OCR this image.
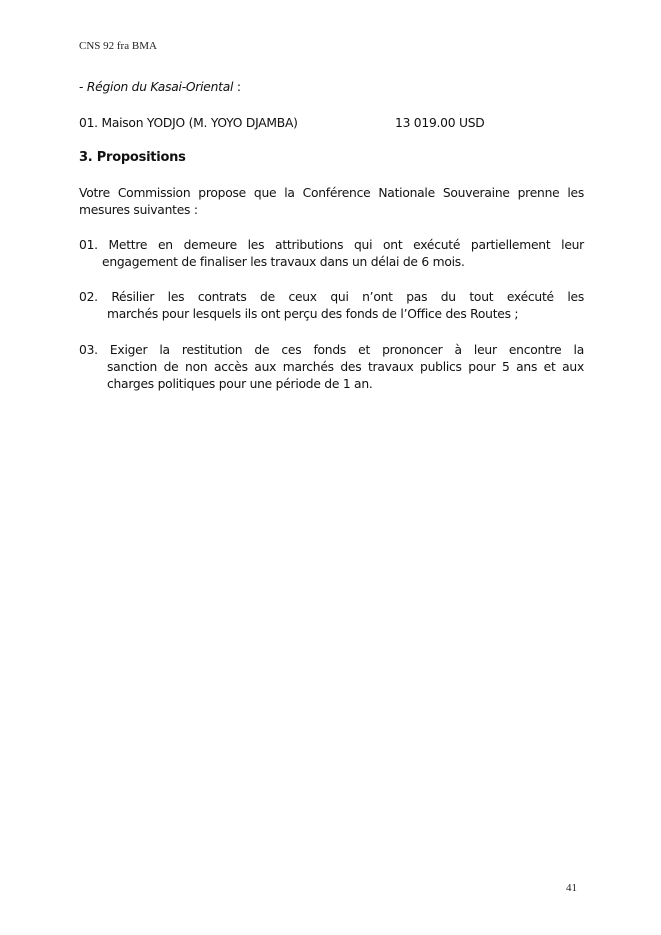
CNS 92 fra BMA
- Région du Kasai-Oriental :
01. Maison YODJO (M. YOYO DJAMBA)	13 019.00 USD
3. Propositions
Votre Commission propose que la Conférence Nationale Souveraine prenne les
mesures suivantes :
01. Mettre en demeure les attributions qui ont exécuté partiellement leur
engagement de finaliser les travaux dans un délai de 6 mois.
02. Résilier les contrats de ceux qui n’ont pas du tout exécuté les
marchés pour lesquels ils ont perçu des fonds de l’Office des Routes ;
03. Exiger la restitution de ces fonds et prononcer à leur encontre la
sanction de non accès aux marchés des travaux publics pour 5 ans et aux
charges politiques pour une période de 1 an.
41
